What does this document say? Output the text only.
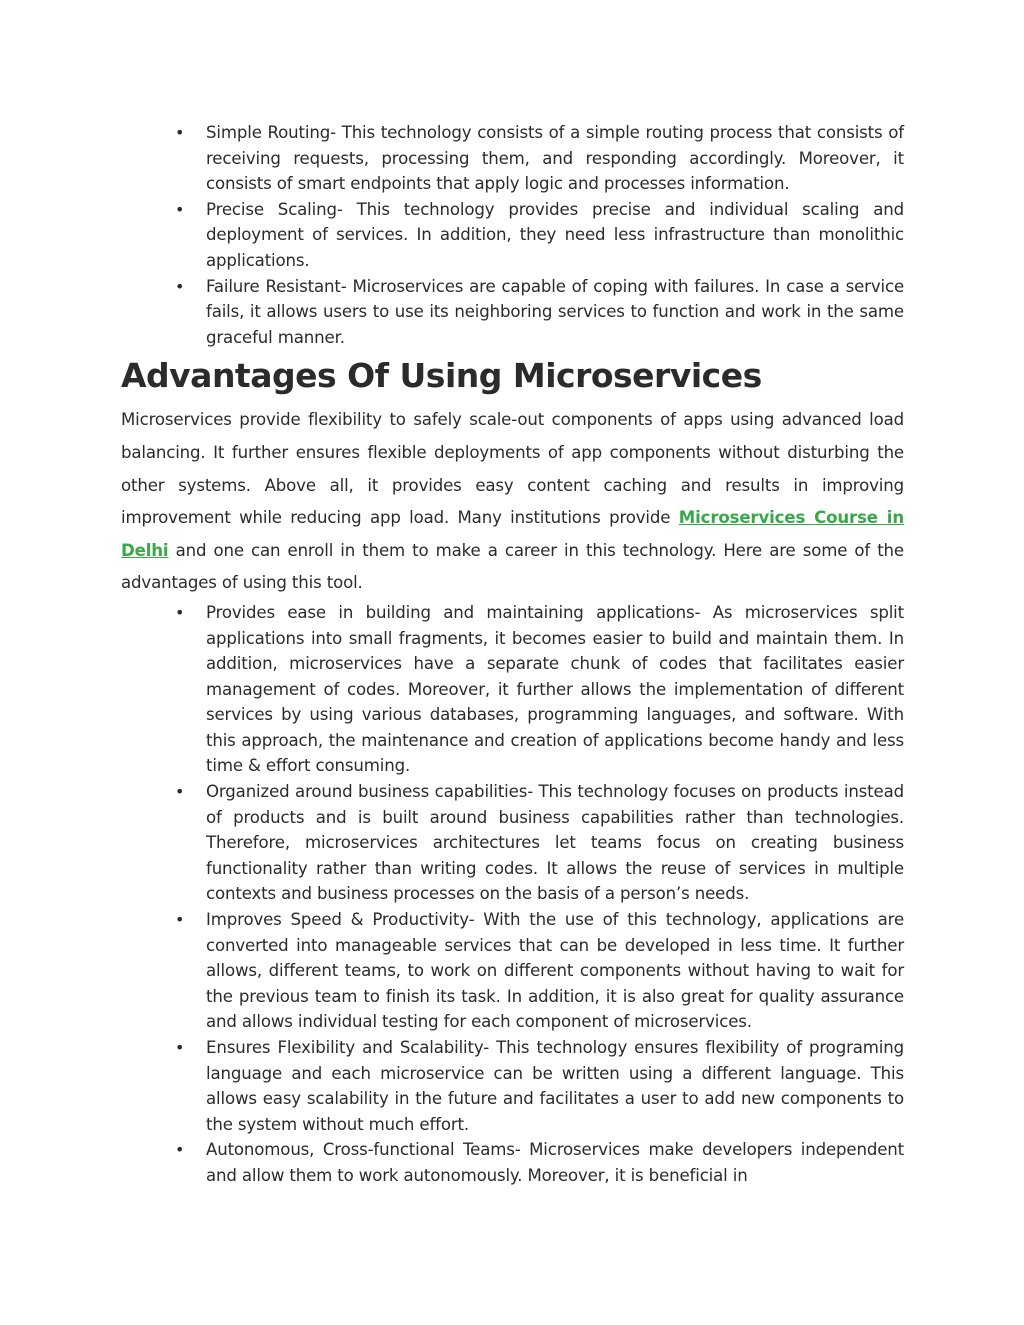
• Simple Routing- This technology consists of a simple routing process that consists of receiving requests, processing them, and responding accordingly. Moreover, it consists of smart endpoints that apply logic and processes information.
• Precise Scaling- This technology provides precise and individual scaling and deployment of services. In addition, they need less infrastructure than monolithic applications.
• Failure Resistant- Microservices are capable of coping with failures. In case a service fails, it allows users to use its neighboring services to function and work in the same graceful manner.
Advantages Of Using Microservices

Microservices provide flexibility to safely scale-out components of apps using advanced load balancing. It further ensures flexible deployments of app components without disturbing the other systems. Above all, it provides easy content caching and results in improving improvement while reducing app load. Many institutions provide Microservices Course in Delhi and one can enroll in them to make a career in this technology. Here are some of the advantages of using this tool.

• Provides ease in building and maintaining applications- As microservices split applications into small fragments, it becomes easier to build and maintain them. In addition, microservices have a separate chunk of codes that facilitates easier management of codes. Moreover, it further allows the implementation of different services by using various databases, programming languages, and software. With this approach, the maintenance and creation of applications become handy and less time & effort consuming.
• Organized around business capabilities- This technology focuses on products instead of products and is built around business capabilities rather than technologies. Therefore, microservices architectures let teams focus on creating business functionality rather than writing codes. It allows the reuse of services in multiple contexts and business processes on the basis of a person’s needs.
• Improves Speed & Productivity- With the use of this technology, applications are converted into manageable services that can be developed in less time. It further allows, different teams, to work on different components without having to wait for the previous team to finish its task. In addition, it is also great for quality assurance and allows individual testing for each component of microservices.
• Ensures Flexibility and Scalability- This technology ensures flexibility of programing language and each microservice can be written using a different language. This allows easy scalability in the future and facilitates a user to add new components to the system without much effort.
• Autonomous, Cross-functional Teams- Microservices make developers independent and allow them to work autonomously. Moreover, it is beneficial in
